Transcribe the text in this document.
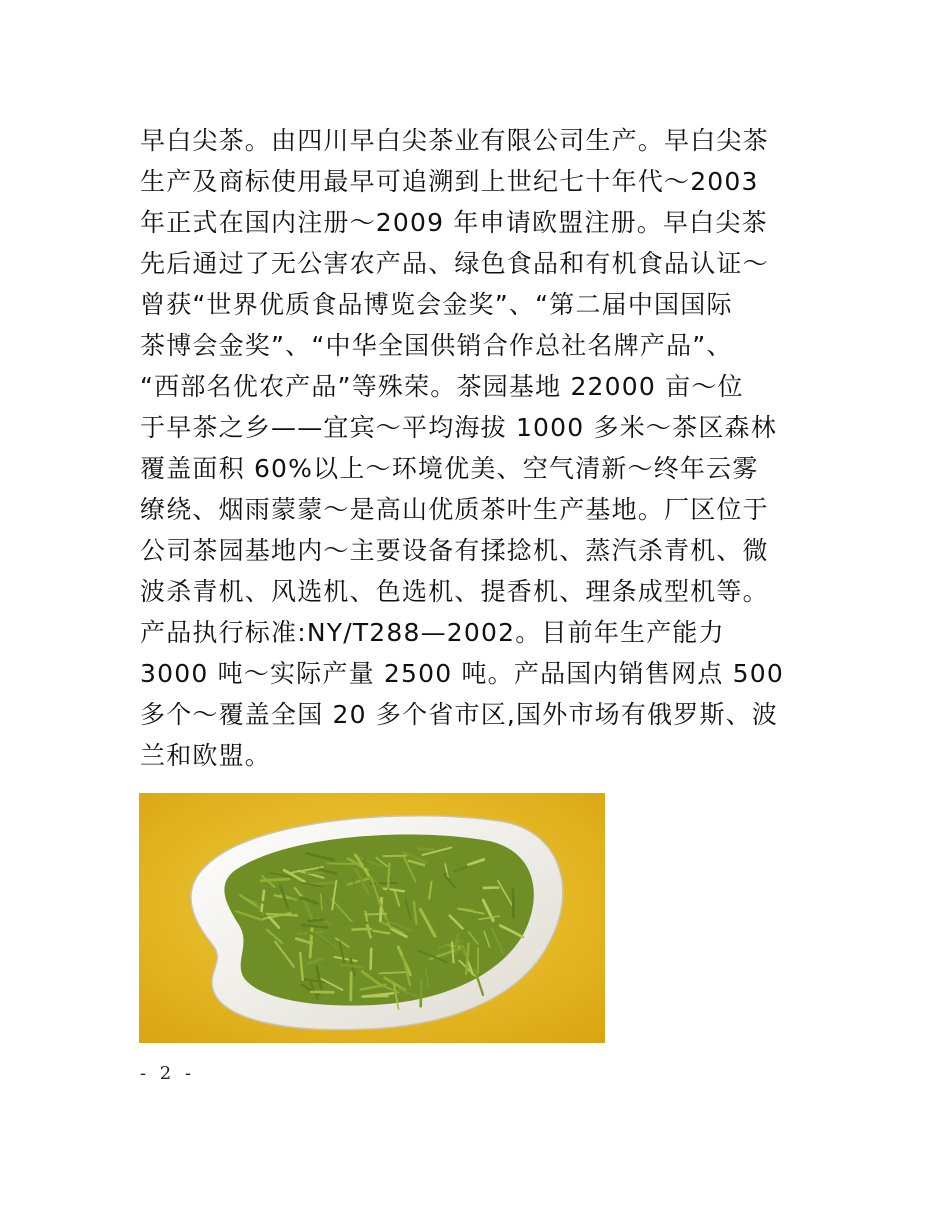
早白尖茶。由四川早白尖茶业有限公司生产。早白尖茶
生产及商标使用最早可追溯到上世纪七十年代～2003
年正式在国内注册～2009 年申请欧盟注册。早白尖茶
先后通过了无公害农产品、绿色食品和有机食品认证～
曾获“世界优质食品博览会金奖”、“第二届中国国际
茶博会金奖”、“中华全国供销合作总社名牌产品”、
“西部名优农产品”等殊荣。茶园基地 22000 亩～位
于早茶之乡——宜宾～平均海拔 1000 多米～茶区森林
覆盖面积 60%以上～环境优美、空气清新～终年云雾
缭绕、烟雨蒙蒙～是高山优质茶叶生产基地。厂区位于
公司茶园基地内～主要设备有揉捻机、蒸汽杀青机、微
波杀青机、风选机、色选机、提香机、理条成型机等。
产品执行标准:NY/T288—2002。目前年生产能力
3000 吨～实际产量 2500 吨。产品国内销售网点 500
多个～覆盖全国 20 多个省市区,国外市场有俄罗斯、波
兰和欧盟。
- 2 -
